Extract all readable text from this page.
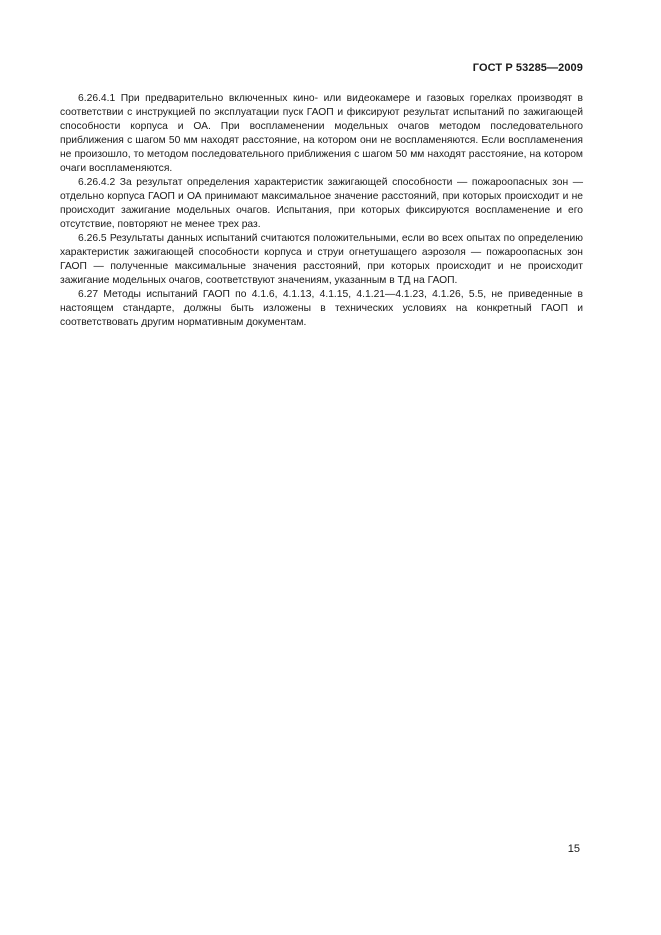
ГОСТ Р 53285—2009

6.26.4.1 При предварительно включенных кино- или видеокамере и газовых горелках производят в соответствии с инструкцией по эксплуатации пуск ГАОП и фиксируют результат испытаний по зажигающей способности корпуса и ОА. При воспламенении модельных очагов методом последовательного приближения с шагом 50 мм находят расстояние, на котором они не воспламеняются. Если воспламенения не произошло, то методом последовательного приближения с шагом 50 мм находят расстояние, на котором очаги воспламеняются.

6.26.4.2 За результат определения характеристик зажигающей способности — пожароопасных зон — отдельно корпуса ГАОП и ОА принимают максимальное значение расстояний, при которых происходит и не происходит зажигание модельных очагов. Испытания, при которых фиксируются воспламенение и его отсутствие, повторяют не менее трех раз.

6.26.5 Результаты данных испытаний считаются положительными, если во всех опытах по определению характеристик зажигающей способности корпуса и струи огнетушащего аэрозоля — пожароопасных зон ГАОП — полученные максимальные значения расстояний, при которых происходит и не происходит зажигание модельных очагов, соответствуют значениям, указанным в ТД на ГАОП.

6.27 Методы испытаний ГАОП по 4.1.6, 4.1.13, 4.1.15, 4.1.21—4.1.23, 4.1.26, 5.5, не приведенные в настоящем стандарте, должны быть изложены в технических условиях на конкретный ГАОП и соответствовать другим нормативным документам.

15
